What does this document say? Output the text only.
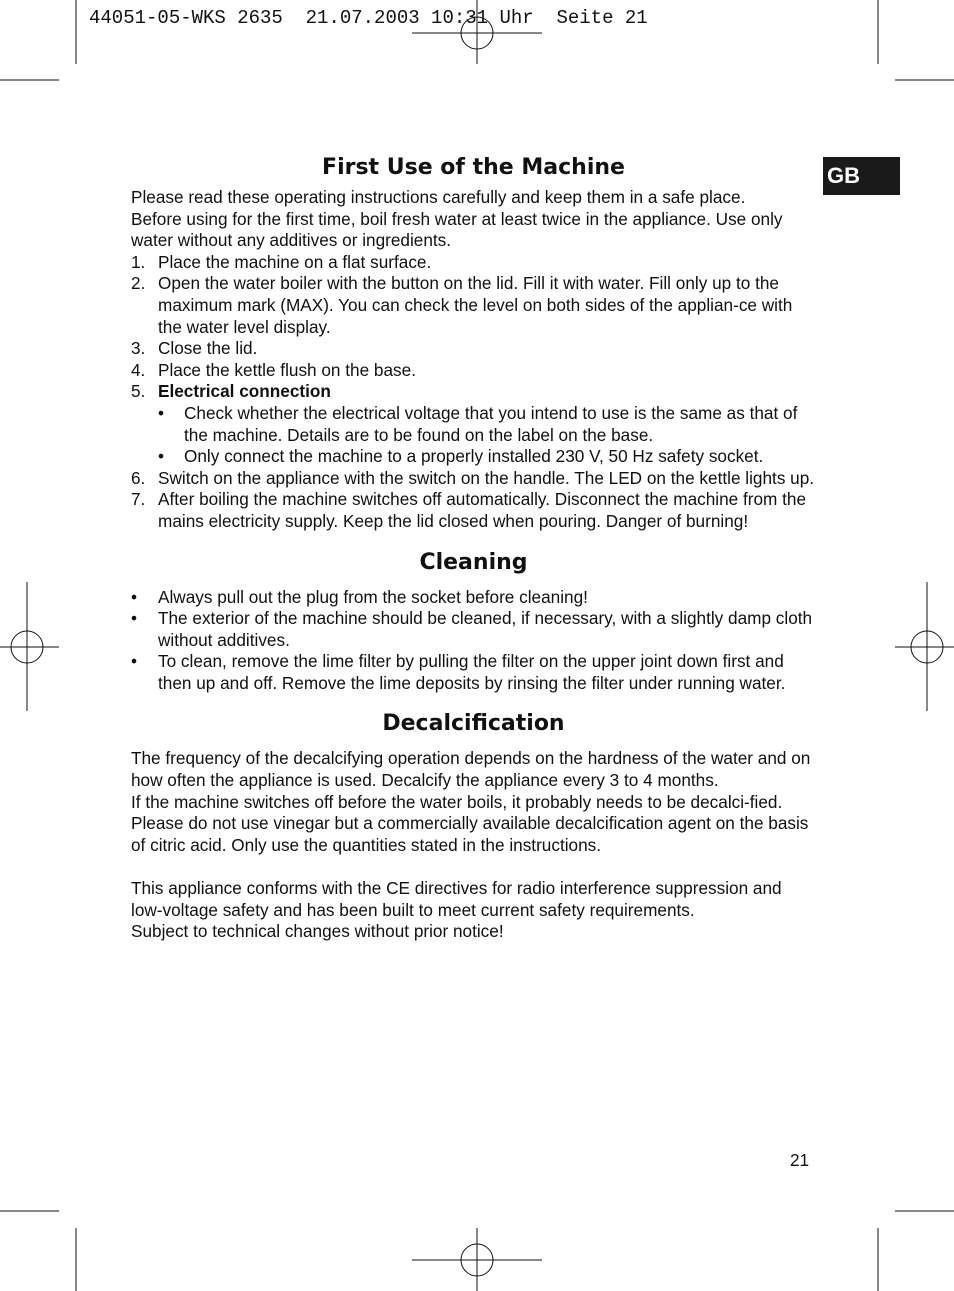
44051-05-WKS 2635  21.07.2003 10:31 Uhr  Seite 21
GB
First Use of the Machine

Please read these operating instructions carefully and keep them in a safe place.

Before using for the first time, boil fresh water at least twice in the appliance. Use only water without any additives or ingredients.

1. Place the machine on a flat surface.
2. Open the water boiler with the button on the lid. Fill it with water. Fill only up to the maximum mark (MAX). You can check the level on both sides of the applian-ce with the water level display.
3. Close the lid.
4. Place the kettle flush on the base.
5. Electrical connection
• Check whether the electrical voltage that you intend to use is the same as that of the machine. Details are to be found on the label on the base.
• Only connect the machine to a properly installed 230 V, 50 Hz safety socket.
6. Switch on the appliance with the switch on the handle. The LED on the kettle lights up.
7. After boiling the machine switches off automatically. Disconnect the machine from the mains electricity supply. Keep the lid closed when pouring. Danger of burning!
Cleaning
• Always pull out the plug from the socket before cleaning!
• The exterior of the machine should be cleaned, if necessary, with a slightly damp cloth without additives.
• To clean, remove the lime filter by pulling the filter on the upper joint down first and then up and off. Remove the lime deposits by rinsing the filter under running water.
Decalcification

The frequency of the decalcifying operation depends on the hardness of the water and on how often the appliance is used. Decalcify the appliance every 3 to 4 months.

If the machine switches off before the water boils, it probably needs to be decalci-fied.

Please do not use vinegar but a commercially available decalcification agent on the basis of citric acid. Only use the quantities stated in the instructions.

This appliance conforms with the CE directives for radio interference suppression and low-voltage safety and has been built to meet current safety requirements.

Subject to technical changes without prior notice!

21
